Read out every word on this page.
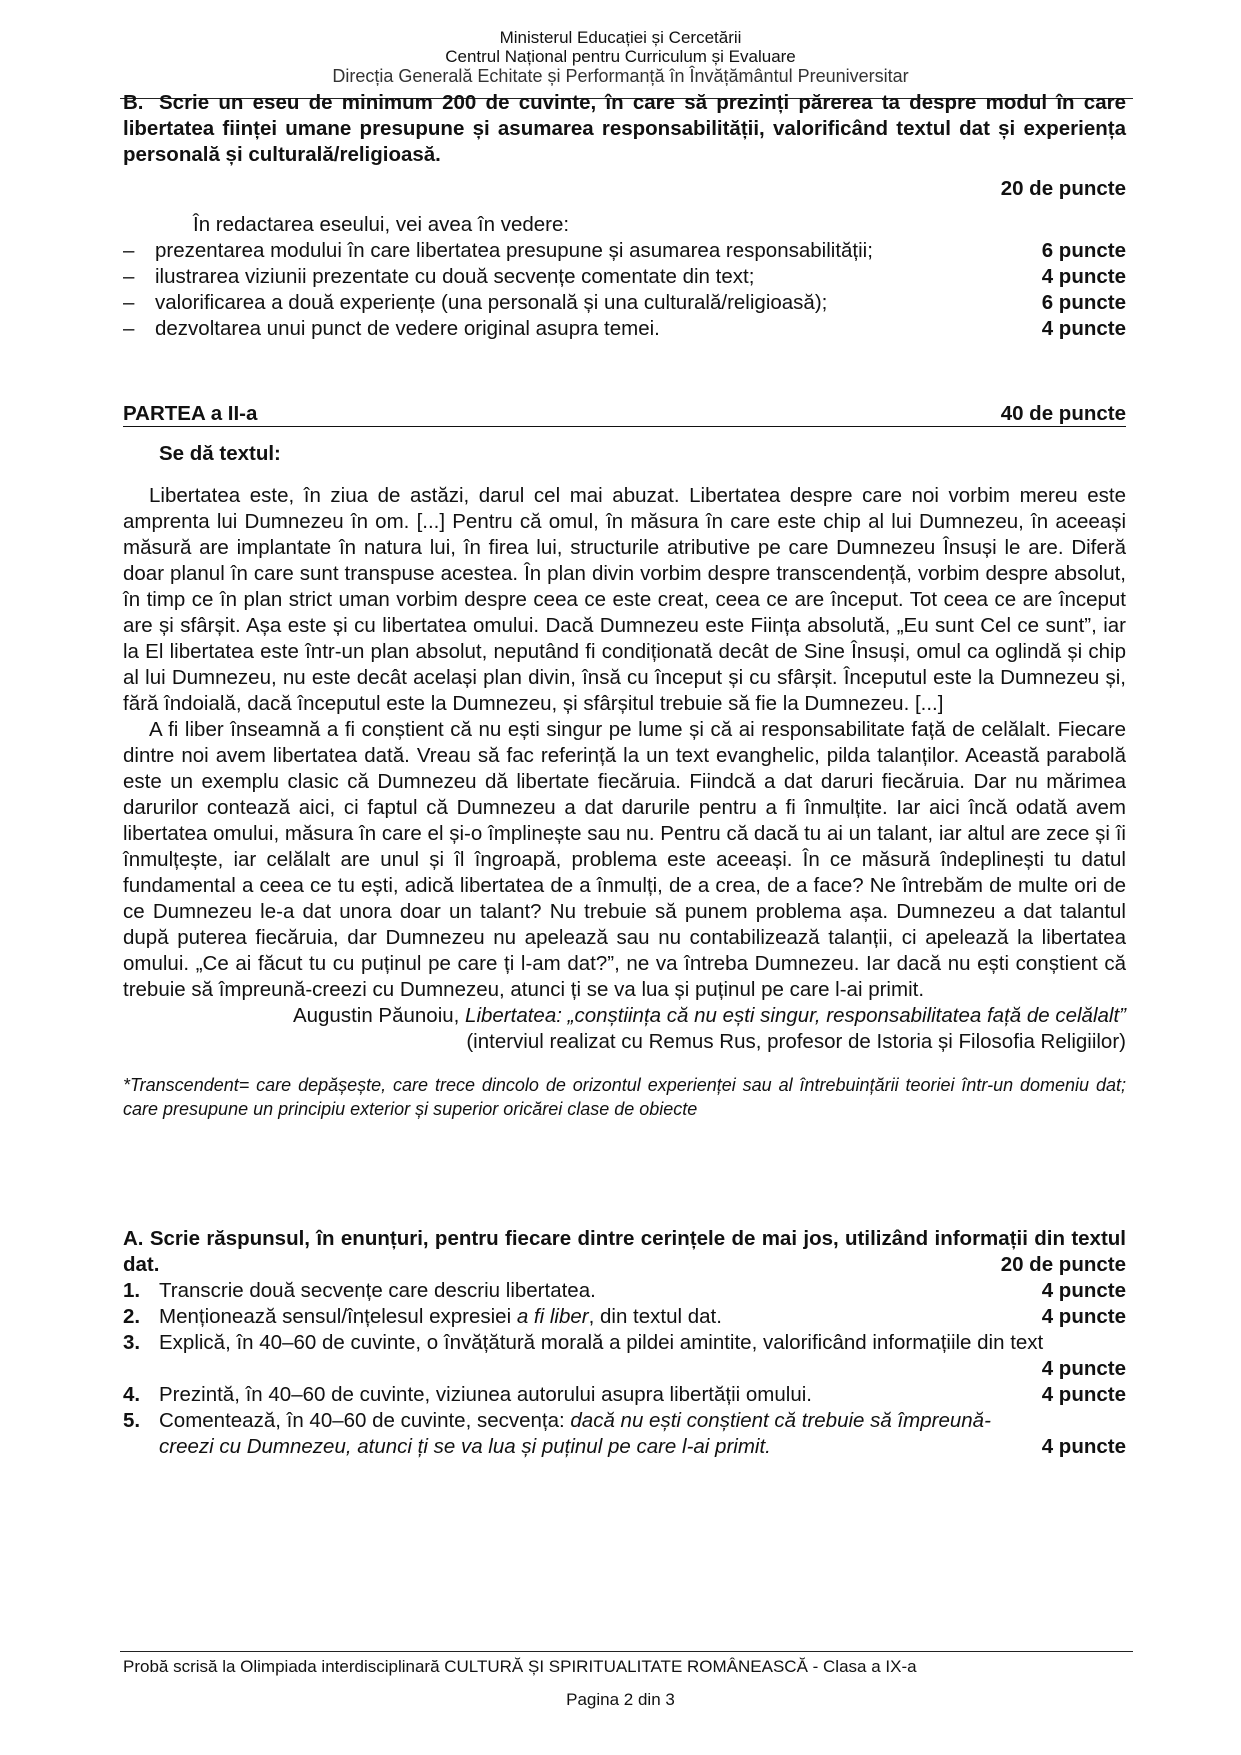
Ministerul Educației și Cercetării
Centrul Național pentru Curriculum și Evaluare
Direcția Generală Echitate și Performanță în Învățământul Preuniversitar
B. Scrie un eseu de minimum 200 de cuvinte, în care să prezinți părerea ta despre modul în care libertatea ființei umane presupune și asumarea responsabilității, valorificând textul dat și experiența personală și culturală/religioasă.
20 de puncte
În redactarea eseului, vei avea în vedere:
–	prezentarea modului în care libertatea presupune și asumarea responsabilității;	6 puncte
–	ilustrarea viziunii prezentate cu două secvențe comentate din text;	4 puncte
–	valorificarea a două experiențe (una personală și una culturală/religioasă);	6 puncte
–	dezvoltarea unui punct de vedere original asupra temei.	4 puncte
PARTEA a II-a	40 de puncte
Se dă textul:
Libertatea este, în ziua de astăzi, darul cel mai abuzat. Libertatea despre care noi vorbim mereu este amprenta lui Dumnezeu în om. [...] Pentru că omul, în măsura în care este chip al lui Dumnezeu, în aceeași măsură are implantate în natura lui, în firea lui, structurile atributive pe care Dumnezeu Însuși le are. Diferă doar planul în care sunt transpuse acestea. În plan divin vorbim despre transcendență, vorbim despre absolut, în timp ce în plan strict uman vorbim despre ceea ce este creat, ceea ce are început. Tot ceea ce are început are și sfârșit. Așa este și cu libertatea omului. Dacă Dumnezeu este Ființa absolută, „Eu sunt Cel ce sunt”, iar la El libertatea este într-un plan absolut, neputând fi condiționată decât de Sine Însuși, omul ca oglindă și chip al lui Dumnezeu, nu este decât același plan divin, însă cu început și cu sfârșit. Începutul este la Dumnezeu și, fără îndoială, dacă începutul este la Dumnezeu, și sfârșitul trebuie să fie la Dumnezeu. [...]
A fi liber înseamnă a fi conștient că nu ești singur pe lume și că ai responsabilitate față de celălalt. Fiecare dintre noi avem libertatea dată. Vreau să fac referință la un text evanghelic, pilda talanților. Această parabolă este un exemplu clasic că Dumnezeu dă libertate fiecăruia. Fiindcă a dat daruri fiecăruia. Dar nu mărimea darurilor contează aici, ci faptul că Dumnezeu a dat darurile pentru a fi înmulțite. Iar aici încă odată avem libertatea omului, măsura în care el și-o împlinește sau nu. Pentru că dacă tu ai un talant, iar altul are zece și îi înmulțește, iar celălalt are unul și îl îngroapă, problema este aceeași. În ce măsură îndeplinești tu datul fundamental a ceea ce tu ești, adică libertatea de a înmulți, de a crea, de a face? Ne întrebăm de multe ori de ce Dumnezeu le-a dat unora doar un talant? Nu trebuie să punem problema așa. Dumnezeu a dat talantul după puterea fiecăruia, dar Dumnezeu nu apelează sau nu contabilizează talanții, ci apelează la libertatea omului. „Ce ai făcut tu cu puținul pe care ți l-am dat?”, ne va întreba Dumnezeu. Iar dacă nu ești conștient că trebuie să împreună-creezi cu Dumnezeu, atunci ți se va lua și puținul pe care l-ai primit.
Augustin Păunoiu, Libertatea: „conștiința că nu ești singur, responsabilitatea față de celălalt”
(interviul realizat cu Remus Rus, profesor de Istoria și Filosofia Religiilor)
*Transcendent= care depășește, care trece dincolo de orizontul experienței sau al întrebuințării teoriei într-un domeniu dat; care presupune un principiu exterior și superior oricărei clase de obiecte
A. Scrie răspunsul, în enunțuri, pentru fiecare dintre cerințele de mai jos, utilizând informații din textul dat.	20 de puncte
1. Transcrie două secvențe care descriu libertatea.	4 puncte
2. Menționează sensul/înțelesul expresiei a fi liber, din textul dat.	4 puncte
3. Explică, în 40–60 de cuvinte, o învățătură morală a pildei amintite, valorificând informațiile din text
4 puncte
4. Prezintă, în 40–60 de cuvinte, viziunea autorului asupra libertății omului.	4 puncte
5. Comentează, în 40–60 de cuvinte, secvența: dacă nu ești conștient că trebuie să împreună-creezi cu Dumnezeu, atunci ți se va lua și puținul pe care l-ai primit.	4 puncte
Probă scrisă la Olimpiada interdisciplinară CULTURĂ ȘI SPIRITUALITATE ROMÂNEASCĂ - Clasa a IX-a
Pagina 2 din 3
